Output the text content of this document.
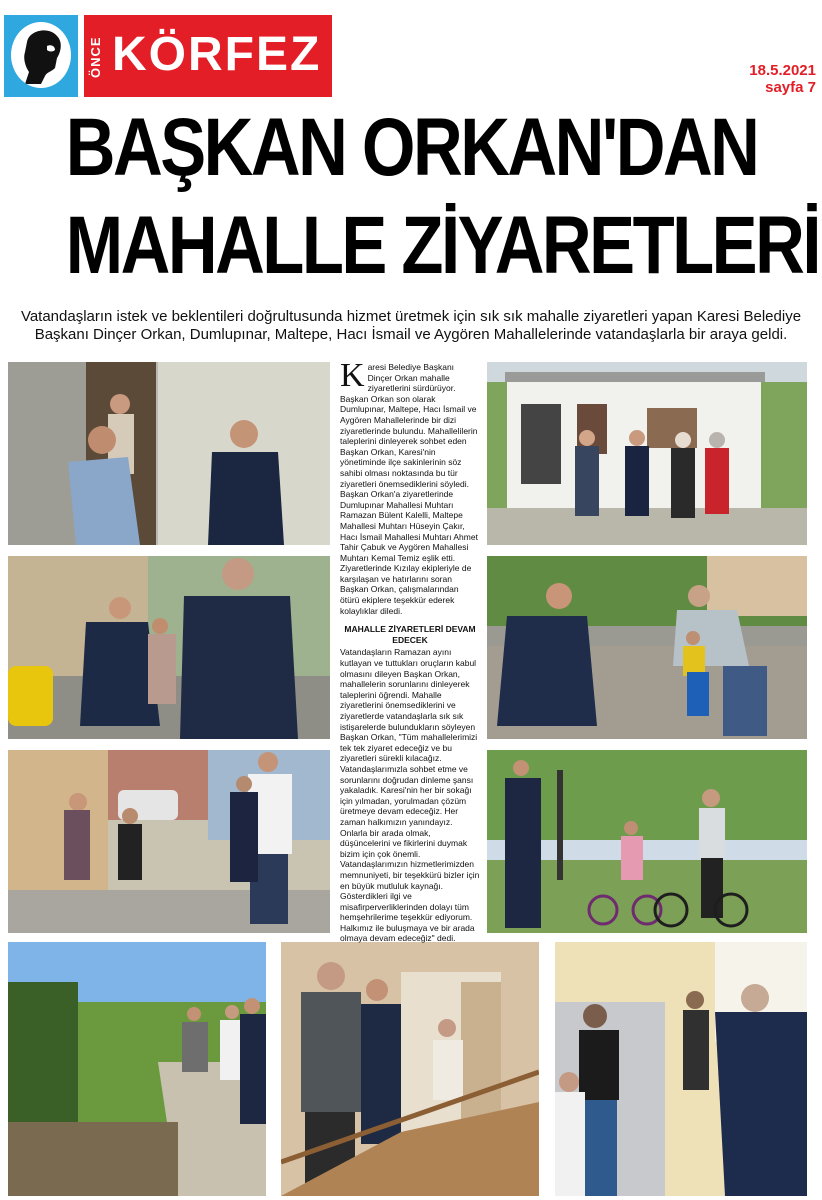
ÖNCE KÖRFEZ	18.5.2021
sayfa 7
BAŞKAN ORKAN'DAN
MAHALLE ZİYARETLERİ
Vatandaşların istek ve beklentileri doğrultusunda hizmet üretmek için sık sık mahalle ziyaretleri yapan Karesi Belediye Başkanı Dinçer Orkan, Dumlupınar, Maltepe, Hacı İsmail ve Aygören Mahallelerinde vatandaşlarla bir araya geldi.

Karesi Belediye Başkanı Dinçer Orkan mahalle ziyaretlerini sürdürüyor. Başkan Orkan son olarak Dumlupınar, Maltepe, Hacı İsmail ve Aygören Mahallelerinde bir dizi ziyaretlerinde bulundu. Mahallelilerin taleplerini dinleyerek sohbet eden Başkan Orkan, Karesi'nin yönetiminde ilçe sakinlerinin söz sahibi olması noktasında bu tür ziyaretleri önemsediklerini söyledi. Başkan Orkan'a ziyaretlerinde Dumlupınar Mahallesi Muhtarı Ramazan Bülent Kalelli, Maltepe Mahallesi Muhtarı Hüseyin Çakır, Hacı İsmail Mahallesi Muhtarı Ahmet Tahir Çabuk ve Aygören Mahallesi Muhtarı Kemal Temiz eşlik etti. Ziyaretlerinde Kızılay ekipleriyle de karşılaşan ve hatırlarını soran Başkan Orkan, çalışmalarından ötürü ekiplere teşekkür ederek kolaylıklar diledi.

MAHALLE ZİYARETLERİ DEVAM EDECEK

Vatandaşların Ramazan ayını kutlayan ve tuttukları oruçların kabul olmasını dileyen Başkan Orkan, mahallelerin sorunlarını dinleyerek taleplerini öğrendi. Mahalle ziyaretlerini önemsediklerini ve ziyaretlerde vatandaşlarla sık sık istişarelerde bulundukların söyleyen Başkan Orkan, "Tüm mahallelerimizi tek tek ziyaret edeceğiz ve bu ziyaretleri sürekli kılacağız. Vatandaşlarımızla sohbet etme ve sorunlarını doğrudan dinleme şansı yakaladık. Karesi'nin her bir sokağı için yılmadan, yorulmadan çözüm üretmeye devam edeceğiz. Her zaman halkımızın yanındayız. Onlarla bir arada olmak, düşüncelerini ve fikirlerini duymak bizim için çok önemli. Vatandaşlarımızın hizmetlerimizden memnuniyeti, bir teşekkürü bizler için en büyük mutluluk kaynağı. Gösterdikleri ilgi ve misafirperverliklerinden dolayı tüm hemşehrilerime teşekkür ediyorum. Halkımız ile buluşmaya ve bir arada olmaya devam edeceğiz" dedi.
